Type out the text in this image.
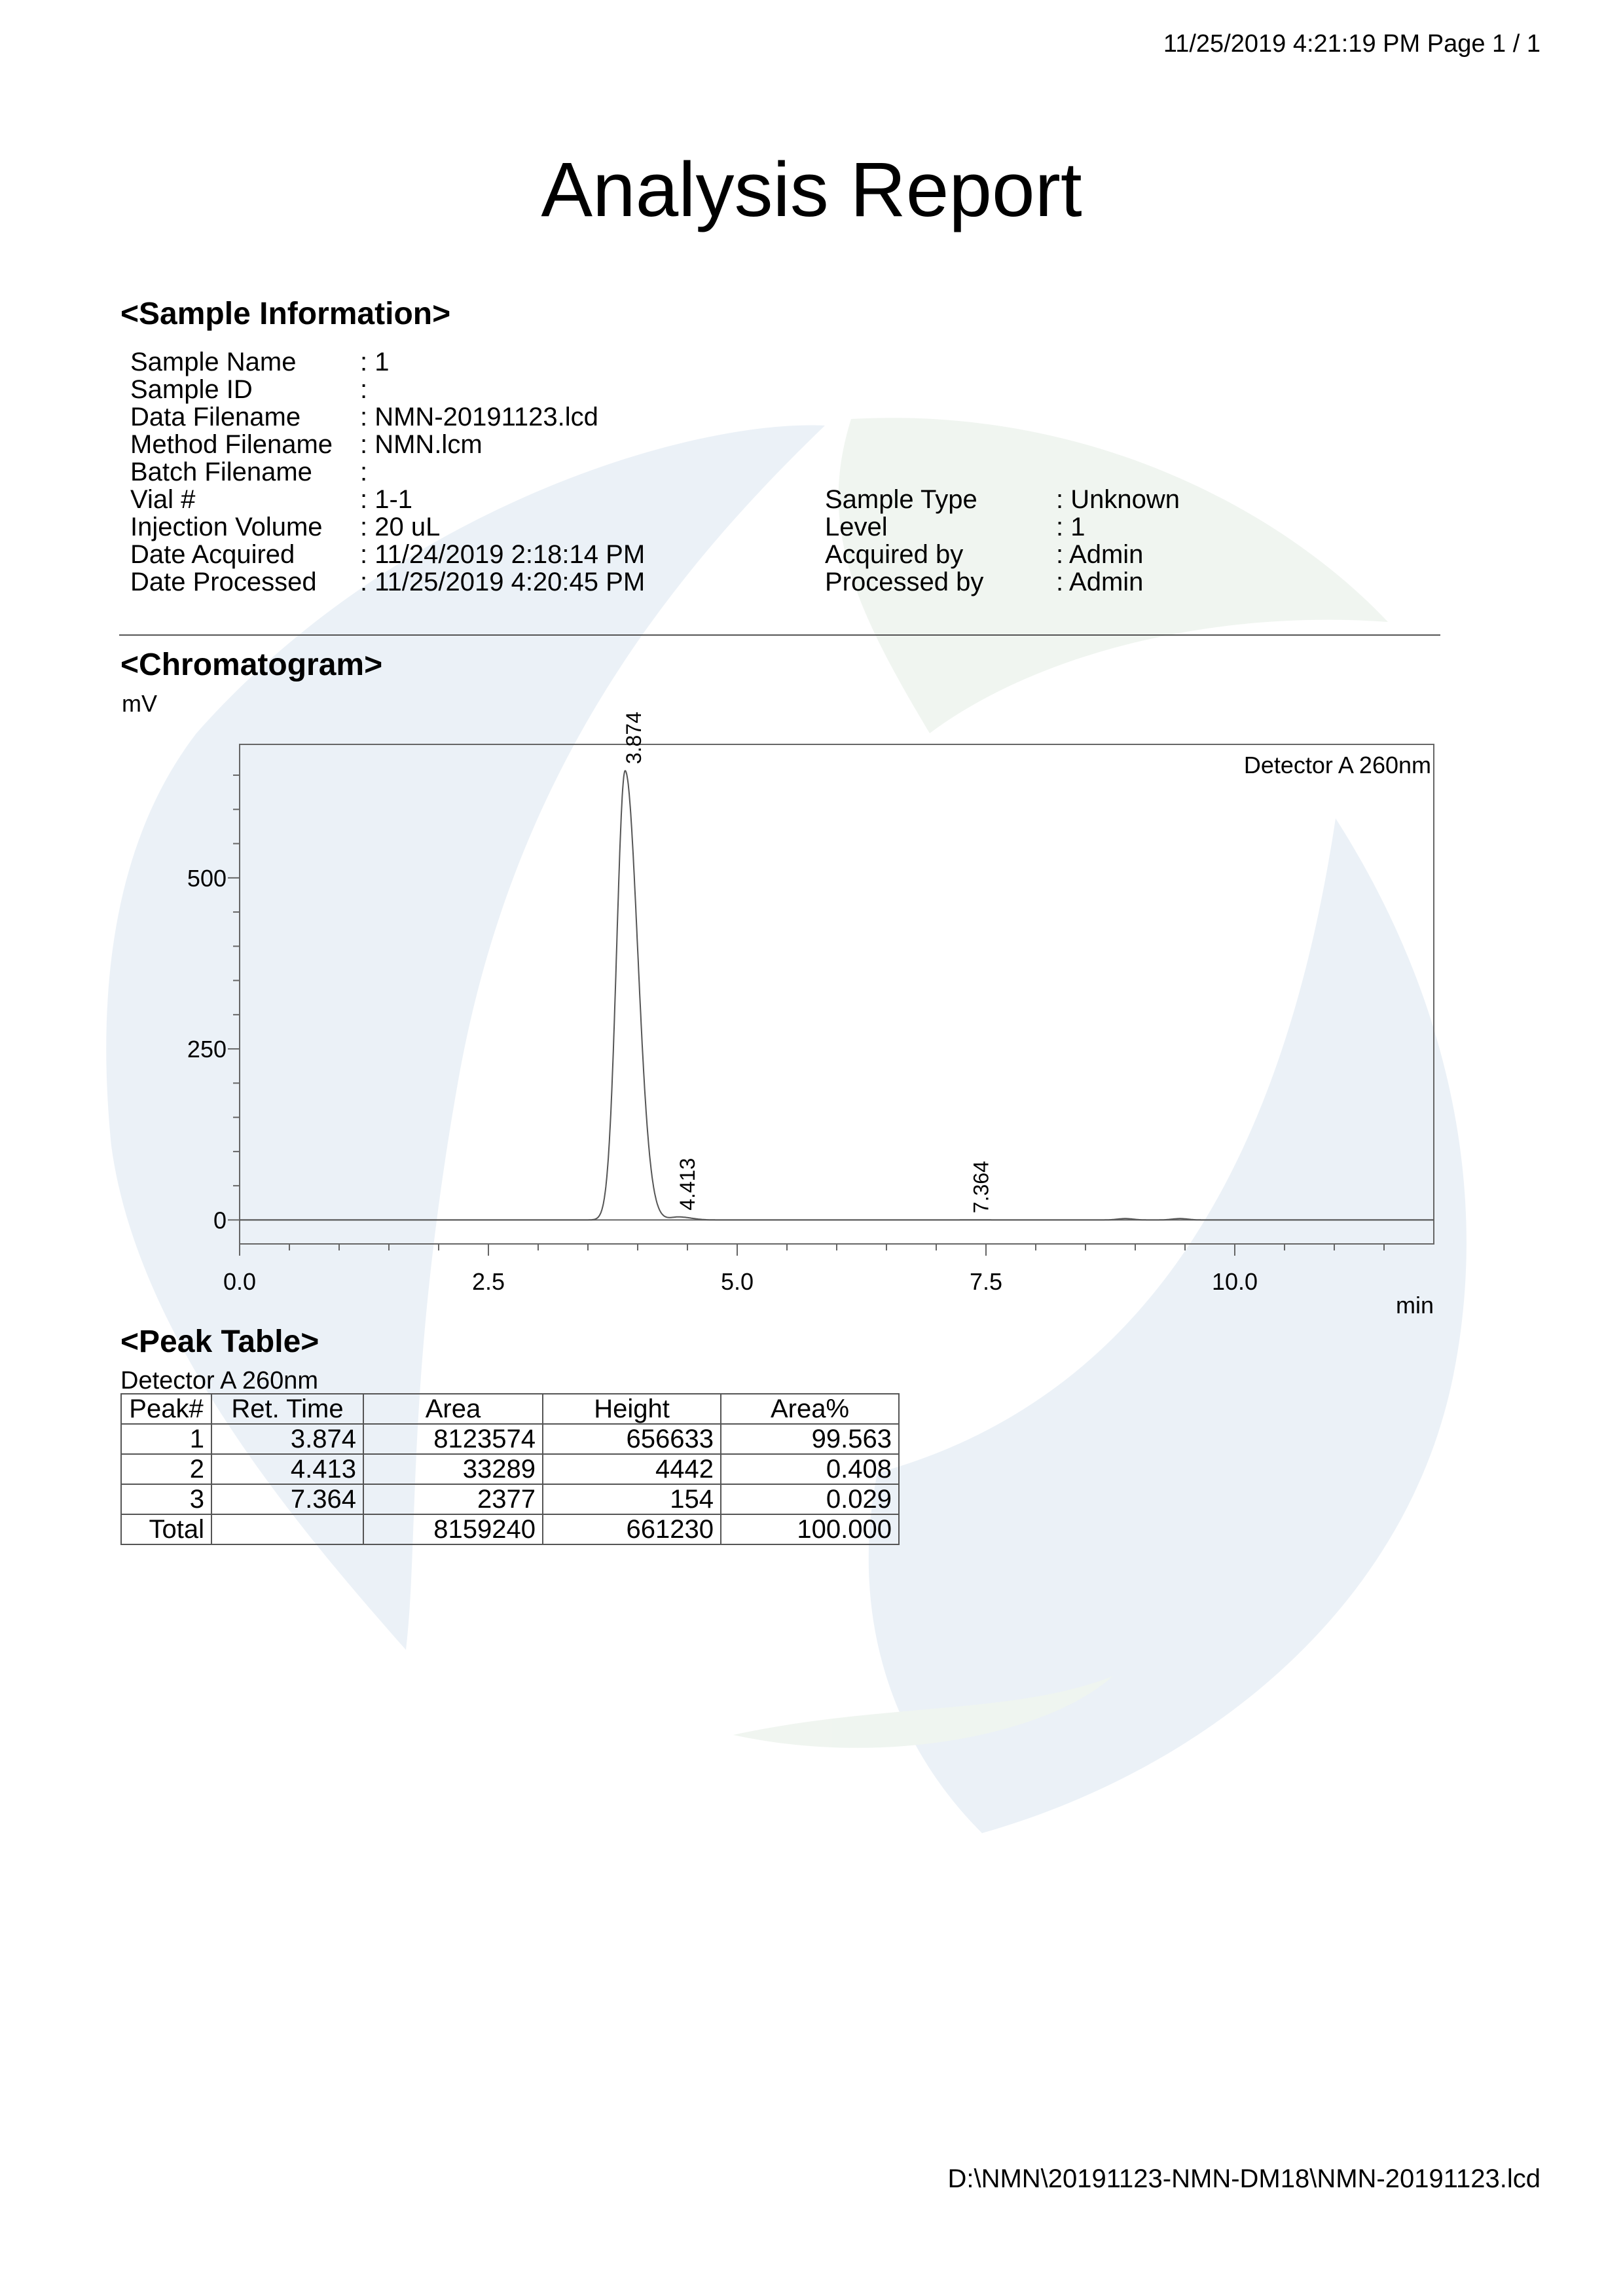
11/25/2019 4:21:19 PM Page 1 / 1
Analysis Report
<Sample Information>
Sample Name : 1
Sample ID	:
Data Filename : NMN-20191123.lcd
Method Filename : NMN.lcm
Batch Filename :
Vial #	: 1-1
Injection Volume : 20 uL
Date Acquired : 11/24/2019 2:18:14 PM
Date Processed : 11/25/2019 4:20:45 PM
Sample Type	: Unknown
Level	: 1
Acquired by	: Admin
Processed by	: Admin
<Chromatogram>
mV
0.0	2.5	5.0	7.5	10.0
0
250
500
min
Detector A 260nm
3.874
4.413	7.364
<Peak Table>
Detector A 260nm
Peak#	Ret. Time	Area	Height	Area%
1	3.874	8123574	656633	99.563
2	4.413	33289	4442	0.408
3	7.364	2377	154	0.029
Total		8159240	661230	100.000
D:\NMN\20191123-NMN-DM18\NMN-20191123.lcd
